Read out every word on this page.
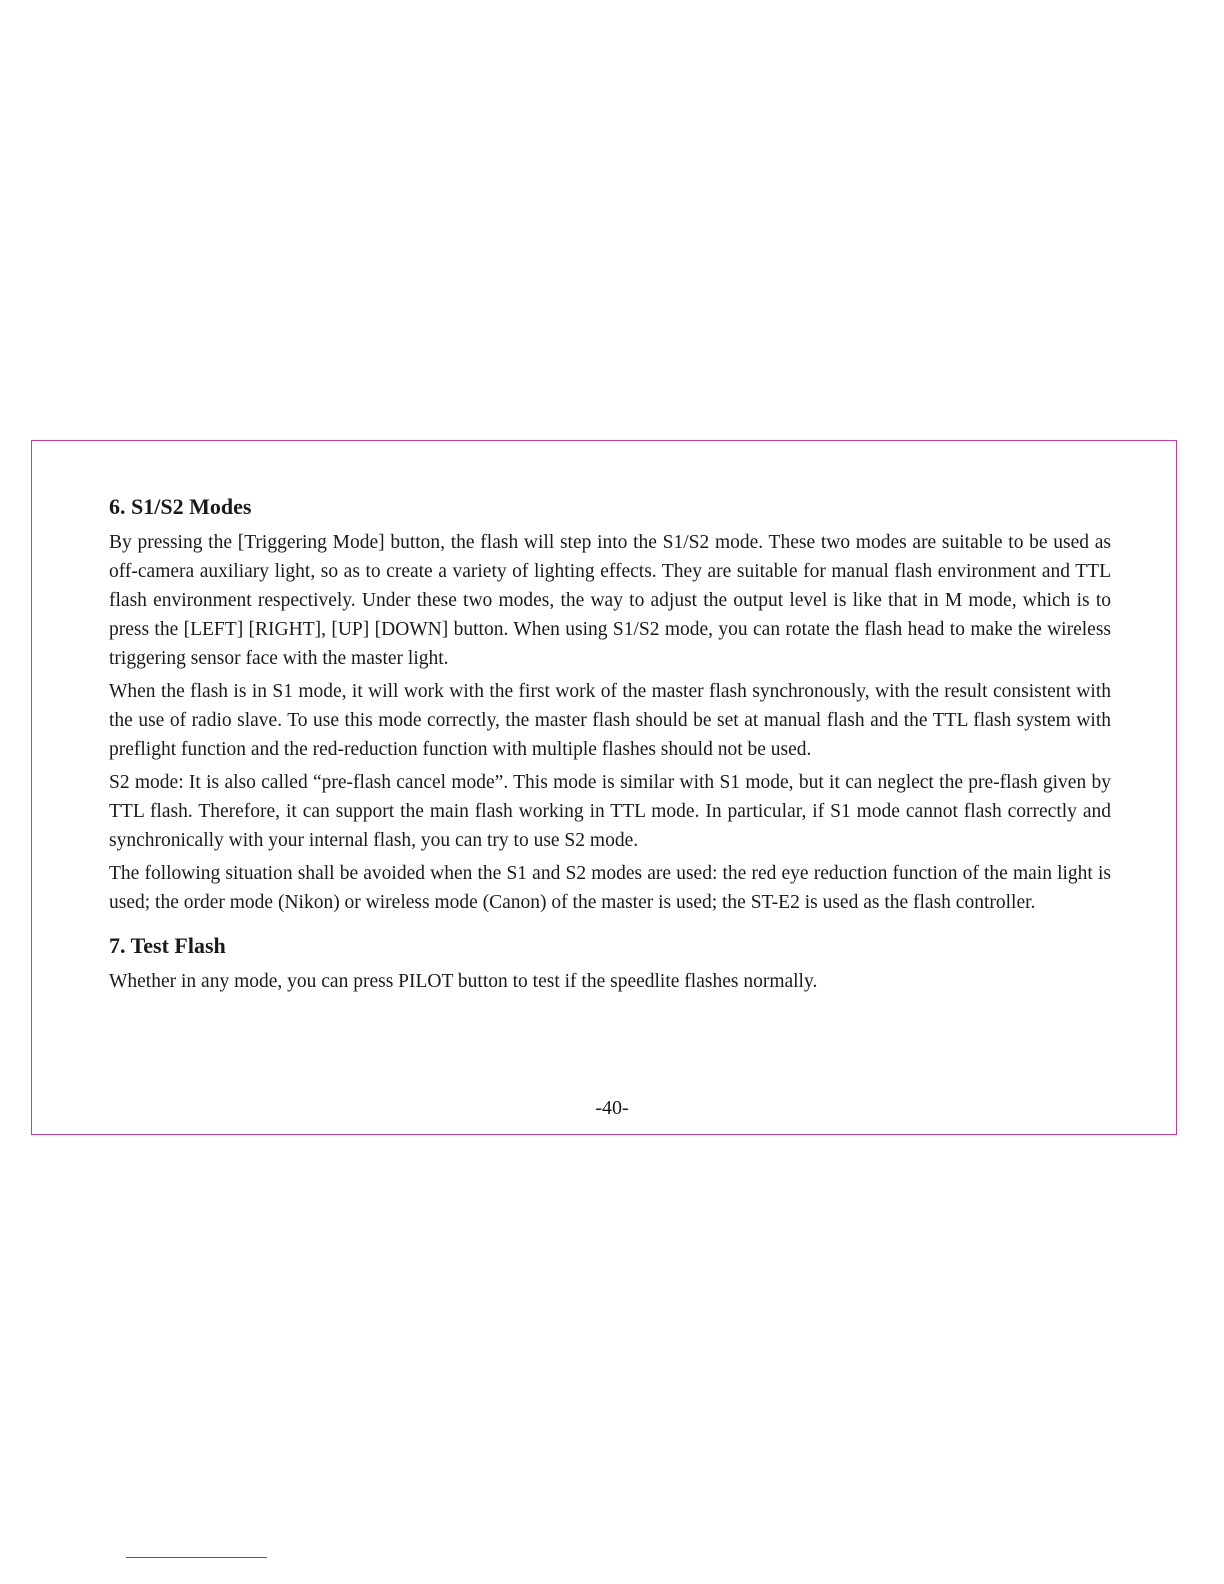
6. S1/S2 Modes

By pressing the [Triggering Mode] button, the flash will step into the S1/S2 mode. These two modes are suitable to be used as off-camera auxiliary light, so as to create a variety of lighting effects. They are suitable for manual flash environment and TTL flash environment respectively. Under these two modes, the way to adjust the output level is like that in M mode, which is to press the [LEFT] [RIGHT], [UP] [DOWN] button. When using S1/S2 mode, you can rotate the flash head to make the wireless triggering sensor face with the master light.

When the flash is in S1 mode, it will work with the first work of the master flash synchronously, with the result consistent with the use of radio slave. To use this mode correctly, the master flash should be set at manual flash and the TTL flash system with preflight function and the red-reduction function with multiple flashes should not be used.

S2 mode: It is also called “pre-flash cancel mode”. This mode is similar with S1 mode, but it can neglect the pre-flash given by TTL flash. Therefore, it can support the main flash working in TTL mode. In particular, if S1 mode cannot flash correctly and synchronically with your internal flash, you can try to use S2 mode.

The following situation shall be avoided when the S1 and S2 modes are used: the red eye reduction function of the main light is used; the order mode (Nikon) or wireless mode (Canon) of the master is used; the ST-E2 is used as the flash controller.

7. Test Flash

Whether in any mode, you can press PILOT button to test if the speedlite flashes normally.

-40-
